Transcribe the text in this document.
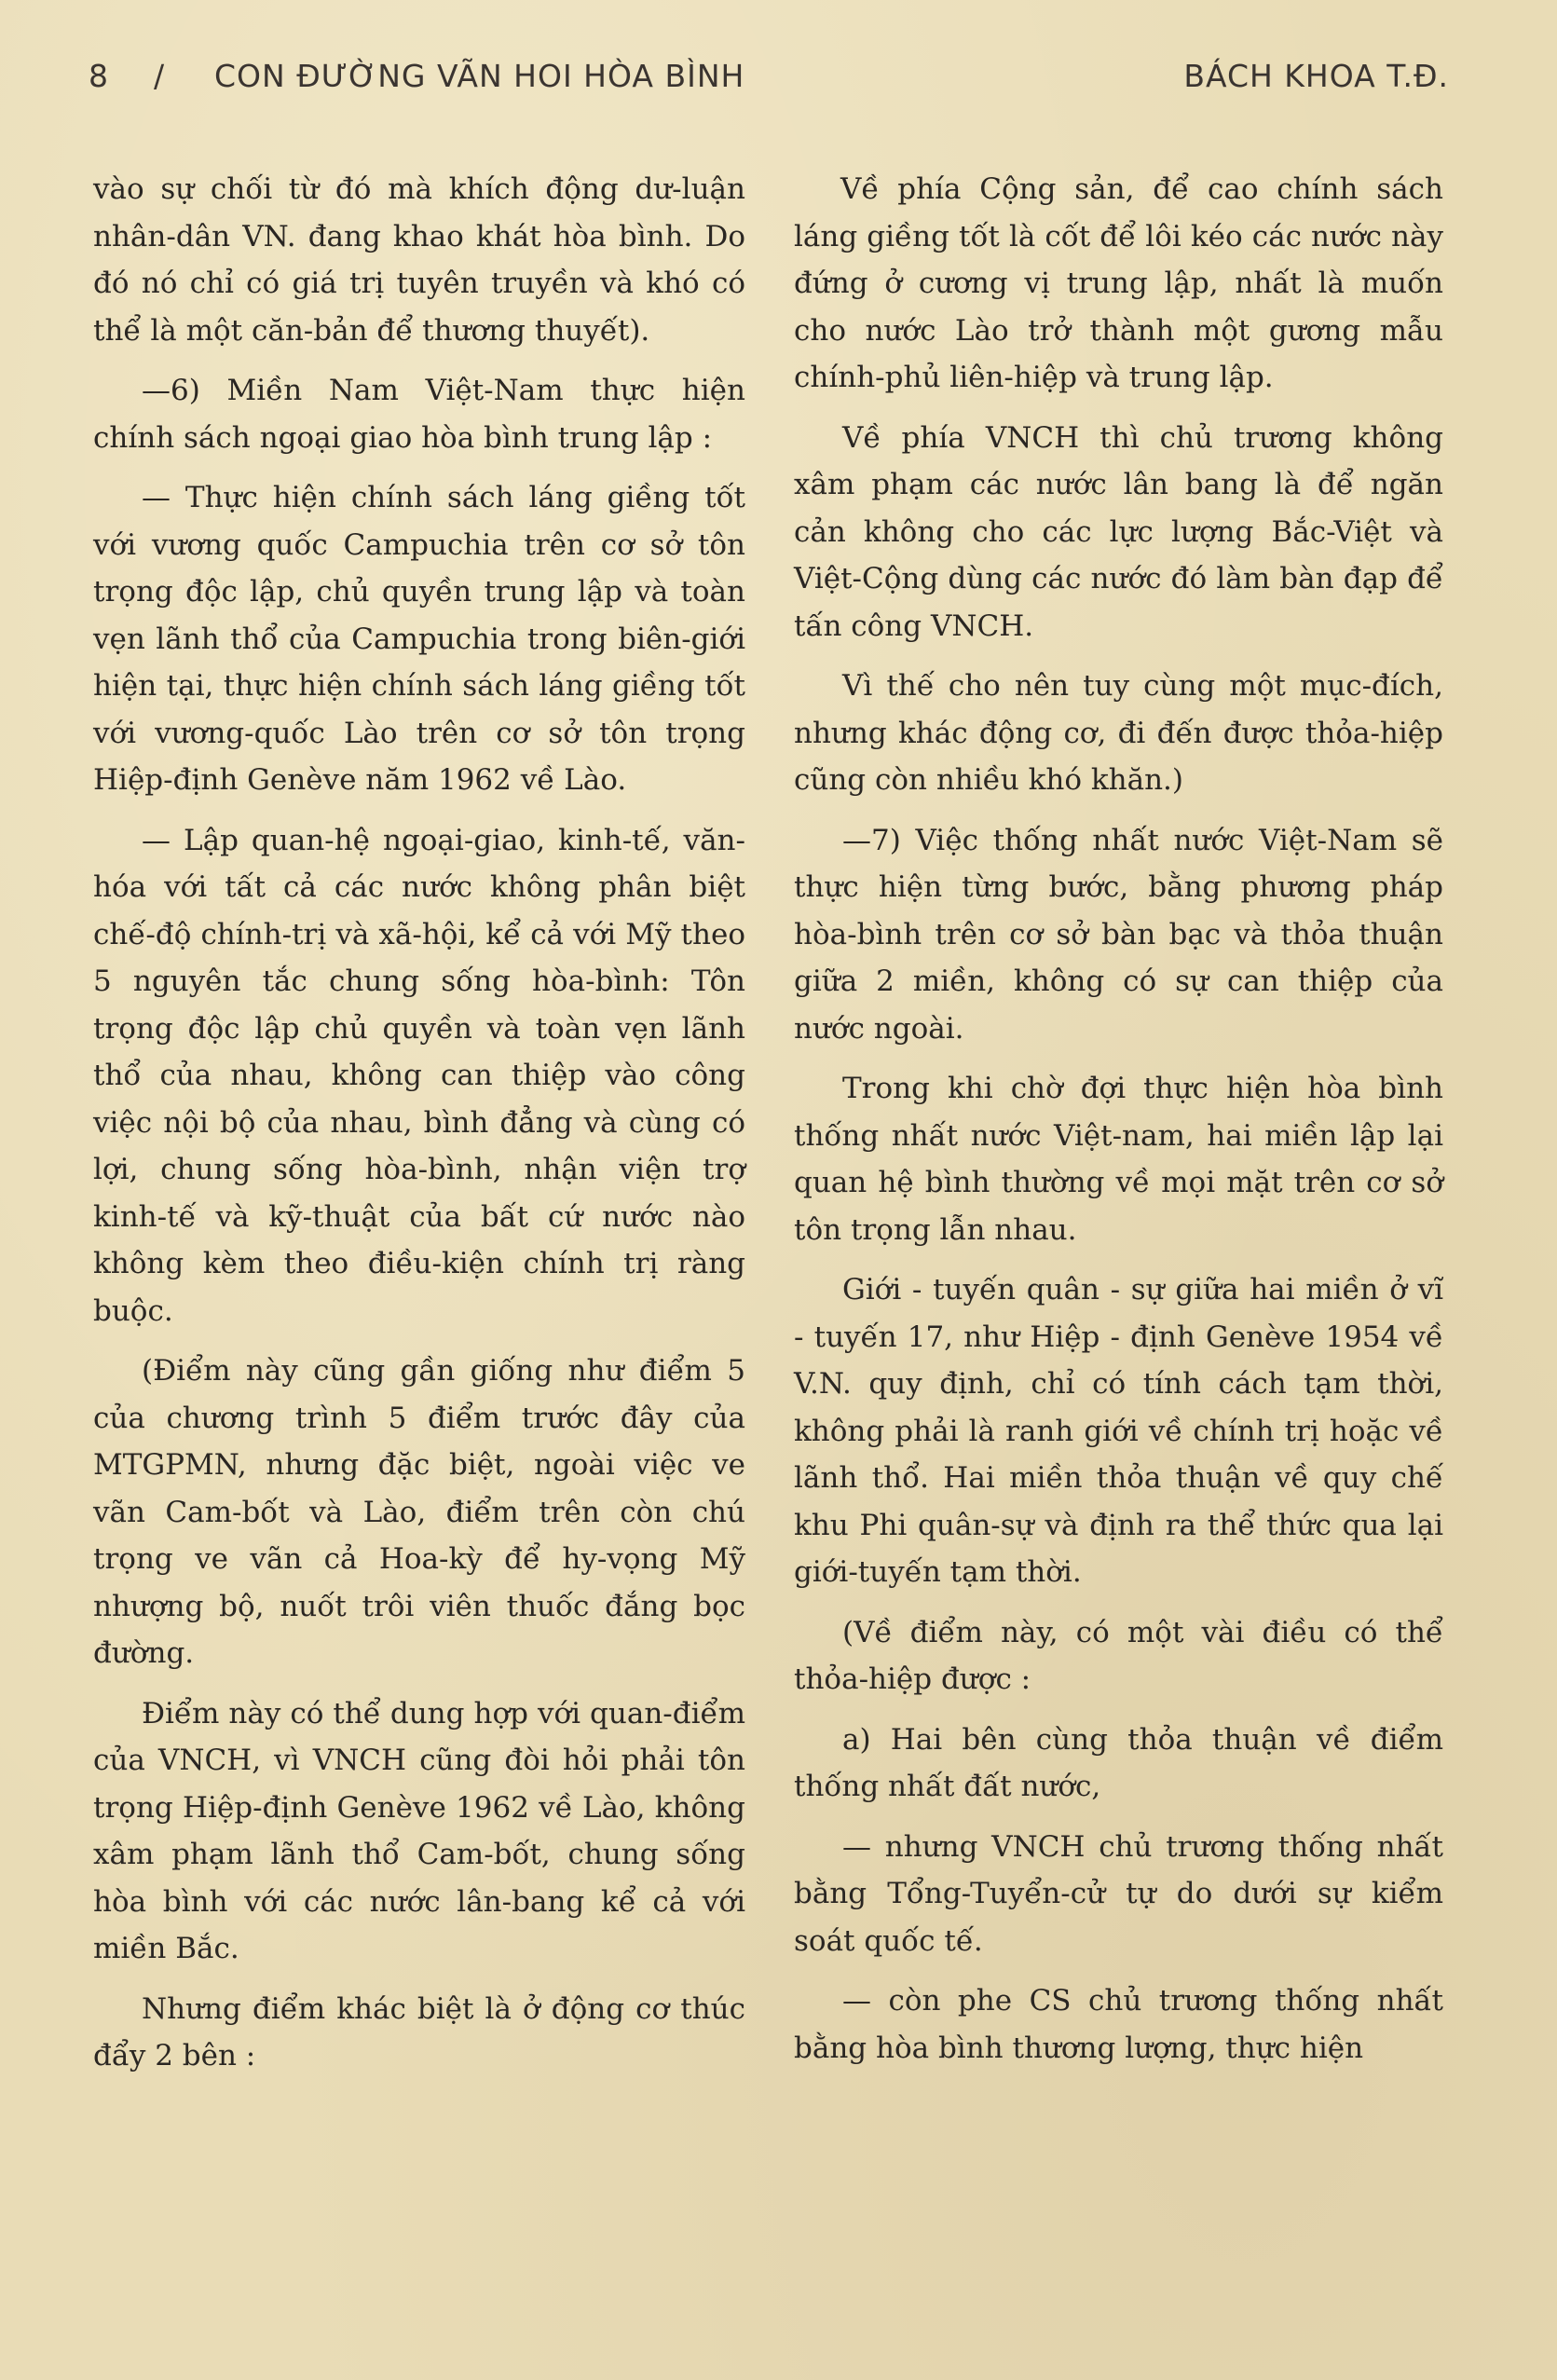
8 / CON ĐƯỜNG VÃN HOI HÒA BÌNH	BÁCH KHOA T.Đ.

vào sự chối từ đó mà khích động dư-luận nhân-dân VN. đang khao khát hòa bình. Do đó nó chỉ có giá trị tuyên truyền và khó có thể là một căn-bản để thương thuyết).

—6) Miền Nam Việt-Nam thực hiện chính sách ngoại giao hòa bình trung lập :

— Thực hiện chính sách láng giềng tốt với vương quốc Campuchia trên cơ sở tôn trọng độc lập, chủ quyền trung lập và toàn vẹn lãnh thổ của Campuchia trong biên-giới hiện tại, thực hiện chính sách láng giềng tốt với vương-quốc Lào trên cơ sở tôn trọng Hiệp-định Genève năm 1962 về Lào.

— Lập quan-hệ ngoại-giao, kinh-tế, văn-hóa với tất cả các nước không phân biệt chế-độ chính-trị và xã-hội, kể cả với Mỹ theo 5 nguyên tắc chung sống hòa-bình: Tôn trọng độc lập chủ quyền và toàn vẹn lãnh thổ của nhau, không can thiệp vào công việc nội bộ của nhau, bình đẳng và cùng có lợi, chung sống hòa-bình, nhận viện trợ kinh-tế và kỹ-thuật của bất cứ nước nào không kèm theo điều-kiện chính trị ràng buộc.

(Điểm này cũng gần giống như điểm 5 của chương trình 5 điểm trước đây của MTGPMN, nhưng đặc biệt, ngoài việc ve vãn Cam-bốt và Lào, điểm trên còn chú trọng ve vãn cả Hoa-kỳ để hy-vọng Mỹ nhượng bộ, nuốt trôi viên thuốc đắng bọc đường.

Điểm này có thể dung hợp với quan-điểm của VNCH, vì VNCH cũng đòi hỏi phải tôn trọng Hiệp-định Genève 1962 về Lào, không xâm phạm lãnh thổ Cam-bốt, chung sống hòa bình với các nước lân-bang kể cả với miền Bắc.

Nhưng điểm khác biệt là ở động cơ thúc đẩy 2 bên :

Về phía Cộng sản, để cao chính sách láng giềng tốt là cốt để lôi kéo các nước này đứng ở cương vị trung lập, nhất là muốn cho nước Lào trở thành một gương mẫu chính-phủ liên-hiệp và trung lập.

Về phía VNCH thì chủ trương không xâm phạm các nước lân bang là để ngăn cản không cho các lực lượng Bắc-Việt và Việt-Cộng dùng các nước đó làm bàn đạp để tấn công VNCH.

Vì thế cho nên tuy cùng một mục-đích, nhưng khác động cơ, đi đến được thỏa-hiệp cũng còn nhiều khó khăn.)

—7) Việc thống nhất nước Việt-Nam sẽ thực hiện từng bước, bằng phương pháp hòa-bình trên cơ sở bàn bạc và thỏa thuận giữa 2 miền, không có sự can thiệp của nước ngoài.

Trong khi chờ đợi thực hiện hòa bình thống nhất nước Việt-nam, hai miền lập lại quan hệ bình thường về mọi mặt trên cơ sở tôn trọng lẫn nhau.

Giới - tuyến quân - sự giữa hai miền ở vĩ - tuyến 17, như Hiệp - định Genève 1954 về V.N. quy định, chỉ có tính cách tạm thời, không phải là ranh giới về chính trị hoặc về lãnh thổ. Hai miền thỏa thuận về quy chế khu Phi quân-sự và định ra thể thức qua lại giới-tuyến tạm thời.

(Về điểm này, có một vài điều có thể thỏa-hiệp được :

a) Hai bên cùng thỏa thuận về điểm thống nhất đất nước,

— nhưng VNCH chủ trương thống nhất bằng Tổng-Tuyển-cử tự do dưới sự kiểm soát quốc tế.

— còn phe CS chủ trương thống nhất bằng hòa bình thương lượng, thực hiện
